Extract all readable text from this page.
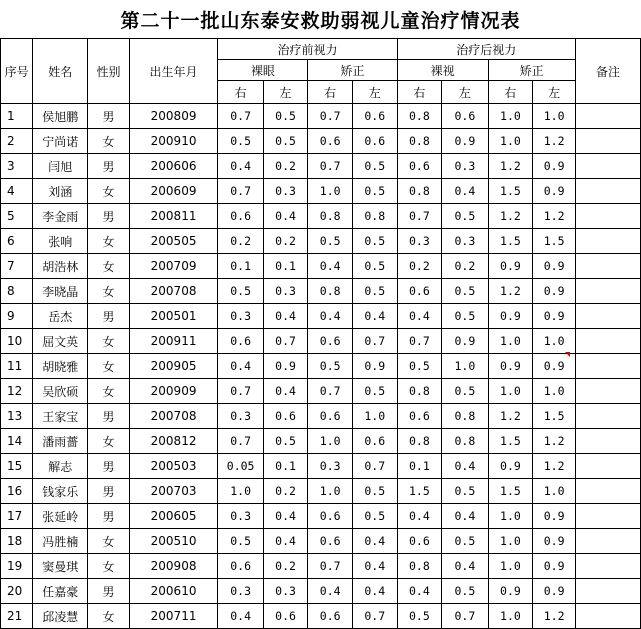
第二十一批山东泰安救助弱视儿童治疗情况表
序号	姓名	性别	出生年月	治疗前视力				治疗后视力				备注
				裸眼		矫正		裸视		矫正		
				右	左	右	左	右	左	右	左	
1	侯旭鹏	男	200809	0.7	0.5	0.7	0.6	0.8	0.6	1.0	1.0	
2	宁尚诺	女	200910	0.5	0.5	0.6	0.6	0.8	0.9	1.0	1.2	
3	闫旭	男	200606	0.4	0.2	0.7	0.5	0.6	0.3	1.2	0.9	
4	刘涵	女	200609	0.7	0.3	1.0	0.5	0.8	0.4	1.5	0.9	
5	李金雨	男	200811	0.6	0.4	0.8	0.8	0.7	0.5	1.2	1.2	
6	张响	女	200505	0.2	0.2	0.5	0.5	0.3	0.3	1.5	1.5	
7	胡浩林	女	200709	0.1	0.1	0.4	0.5	0.2	0.2	0.9	0.9	
8	李晓晶	女	200708	0.5	0.3	0.8	0.5	0.6	0.5	1.2	0.9	
9	岳杰	男	200501	0.3	0.4	0.4	0.4	0.4	0.5	0.9	0.9	
10	屈文英	女	200911	0.6	0.7	0.6	0.7	0.7	0.9	1.0	1.0	
11	胡晓雅	女	200905	0.4	0.9	0.5	0.9	0.5	1.0	0.9	0.9	
12	吴欣硕	女	200909	0.7	0.4	0.7	0.5	0.8	0.5	1.0	1.0	
13	王家宝	男	200708	0.3	0.6	0.6	1.0	0.6	0.8	1.2	1.5	
14	潘雨薔	女	200812	0.7	0.5	1.0	0.6	0.8	0.8	1.5	1.2	
15	解志	男	200503	0.05	0.1	0.3	0.7	0.1	0.4	0.9	1.2	
16	钱家乐	男	200703	1.0	0.2	1.0	0.5	1.5	0.5	1.5	1.0	
17	张延岭	男	200605	0.3	0.4	0.6	0.5	0.4	0.4	1.0	0.9	
18	冯胜楠	女	200510	0.5	0.4	0.6	0.4	0.6	0.5	1.0	0.9	
19	窦曼琪	女	200908	0.6	0.2	0.7	0.4	0.8	0.4	1.0	0.9	
20	任嘉豪	男	200610	0.3	0.3	0.4	0.4	0.4	0.5	0.9	0.9	
21	邱凌慧	女	200711	0.4	0.6	0.6	0.7	0.5	0.7	1.0	1.2	
